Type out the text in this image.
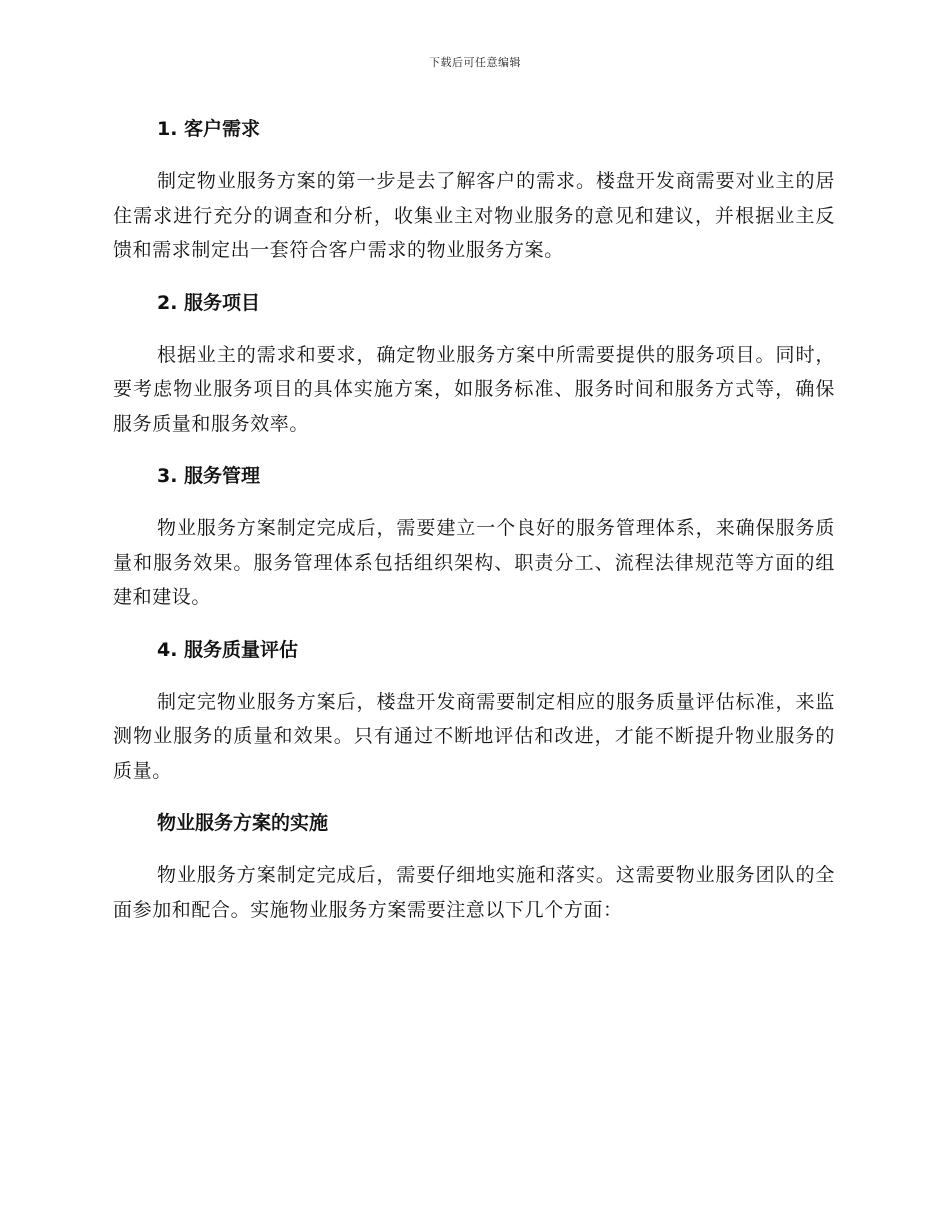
下载后可任意编辑
1. 客户需求

制定物业服务方案的第一步是去了解客户的需求。楼盘开发商需要对业主的居住需求进行充分的调查和分析，收集业主对物业服务的意见和建议，并根据业主反馈和需求制定出一套符合客户需求的物业服务方案。

2. 服务项目

根据业主的需求和要求，确定物业服务方案中所需要提供的服务项目。同时，要考虑物业服务项目的具体实施方案，如服务标准、服务时间和服务方式等，确保服务质量和服务效率。

3. 服务管理

物业服务方案制定完成后，需要建立一个良好的服务管理体系，来确保服务质量和服务效果。服务管理体系包括组织架构、职责分工、流程法律规范等方面的组建和建设。

4. 服务质量评估

制定完物业服务方案后，楼盘开发商需要制定相应的服务质量评估标准，来监测物业服务的质量和效果。只有通过不断地评估和改进，才能不断提升物业服务的质量。

物业服务方案的实施

物业服务方案制定完成后，需要仔细地实施和落实。这需要物业服务团队的全面参加和配合。实施物业服务方案需要注意以下几个方面：
